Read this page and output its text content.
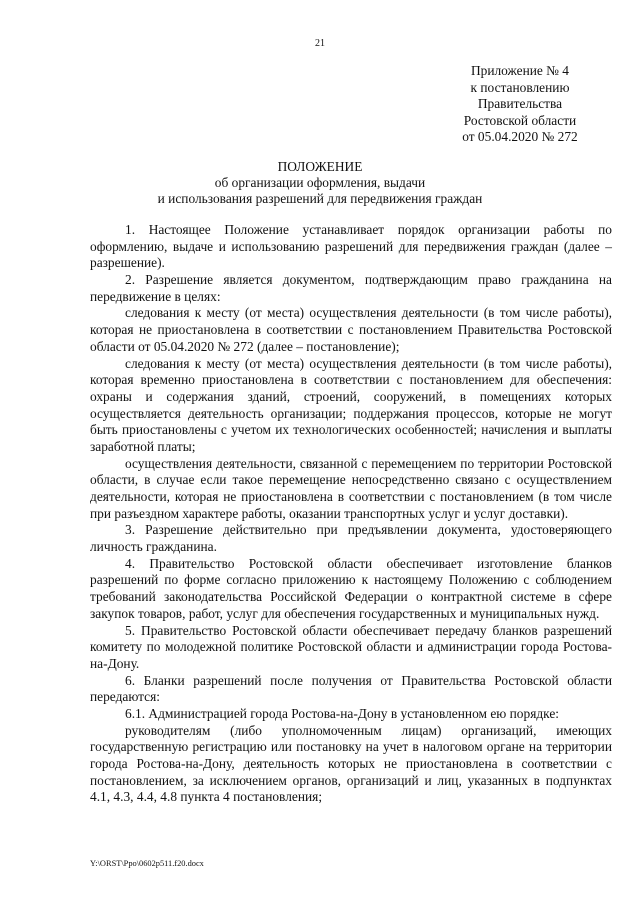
21
Приложение № 4
к постановлению
Правительства
Ростовской области
от 05.04.2020 № 272
ПОЛОЖЕНИЕ
об организации оформления, выдачи
и использования разрешений для передвижения граждан

1. Настоящее Положение устанавливает порядок организации работы по оформлению, выдаче и использованию разрешений для передвижения граждан (далее – разрешение).

2. Разрешение является документом, подтверждающим право гражданина на передвижение в целях:

следования к месту (от места) осуществления деятельности (в том числе работы), которая не приостановлена в соответствии с постановлением Правительства Ростовской области от 05.04.2020 № 272 (далее – постановление);

следования к месту (от места) осуществления деятельности (в том числе работы), которая временно приостановлена в соответствии с постановлением для обеспечения: охраны и содержания зданий, строений, сооружений, в помещениях которых осуществляется деятельность организации; поддержания процессов, которые не могут быть приостановлены с учетом их технологических особенностей; начисления и выплаты заработной платы;

осуществления деятельности, связанной с перемещением по территории Ростовской области, в случае если такое перемещение непосредственно связано с осуществлением деятельности, которая не приостановлена в соответствии с постановлением (в том числе при разъездном характере работы, оказании транспортных услуг и услуг доставки).

3. Разрешение действительно при предъявлении документа, удостоверяющего личность гражданина.

4. Правительство Ростовской области обеспечивает изготовление бланков разрешений по форме согласно приложению к настоящему Положению с соблюдением требований законодательства Российской Федерации о контрактной системе в сфере закупок товаров, работ, услуг для обеспечения государственных и муниципальных нужд.

5. Правительство Ростовской области обеспечивает передачу бланков разрешений комитету по молодежной политике Ростовской области и администрации города Ростова-на-Дону.

6. Бланки разрешений после получения от Правительства Ростовской области передаются:

6.1. Администрацией города Ростова-на-Дону в установленном ею порядке:

руководителям (либо уполномоченным лицам) организаций, имеющих государственную регистрацию или постановку на учет в налоговом органе на территории города Ростова-на-Дону, деятельность которых не приостановлена в соответствии с постановлением, за исключением органов, организаций и лиц, указанных в подпунктах 4.1, 4.3, 4.4, 4.8 пункта 4 постановления;

Y:\ORST\Ppo\0602p511.f20.docx
